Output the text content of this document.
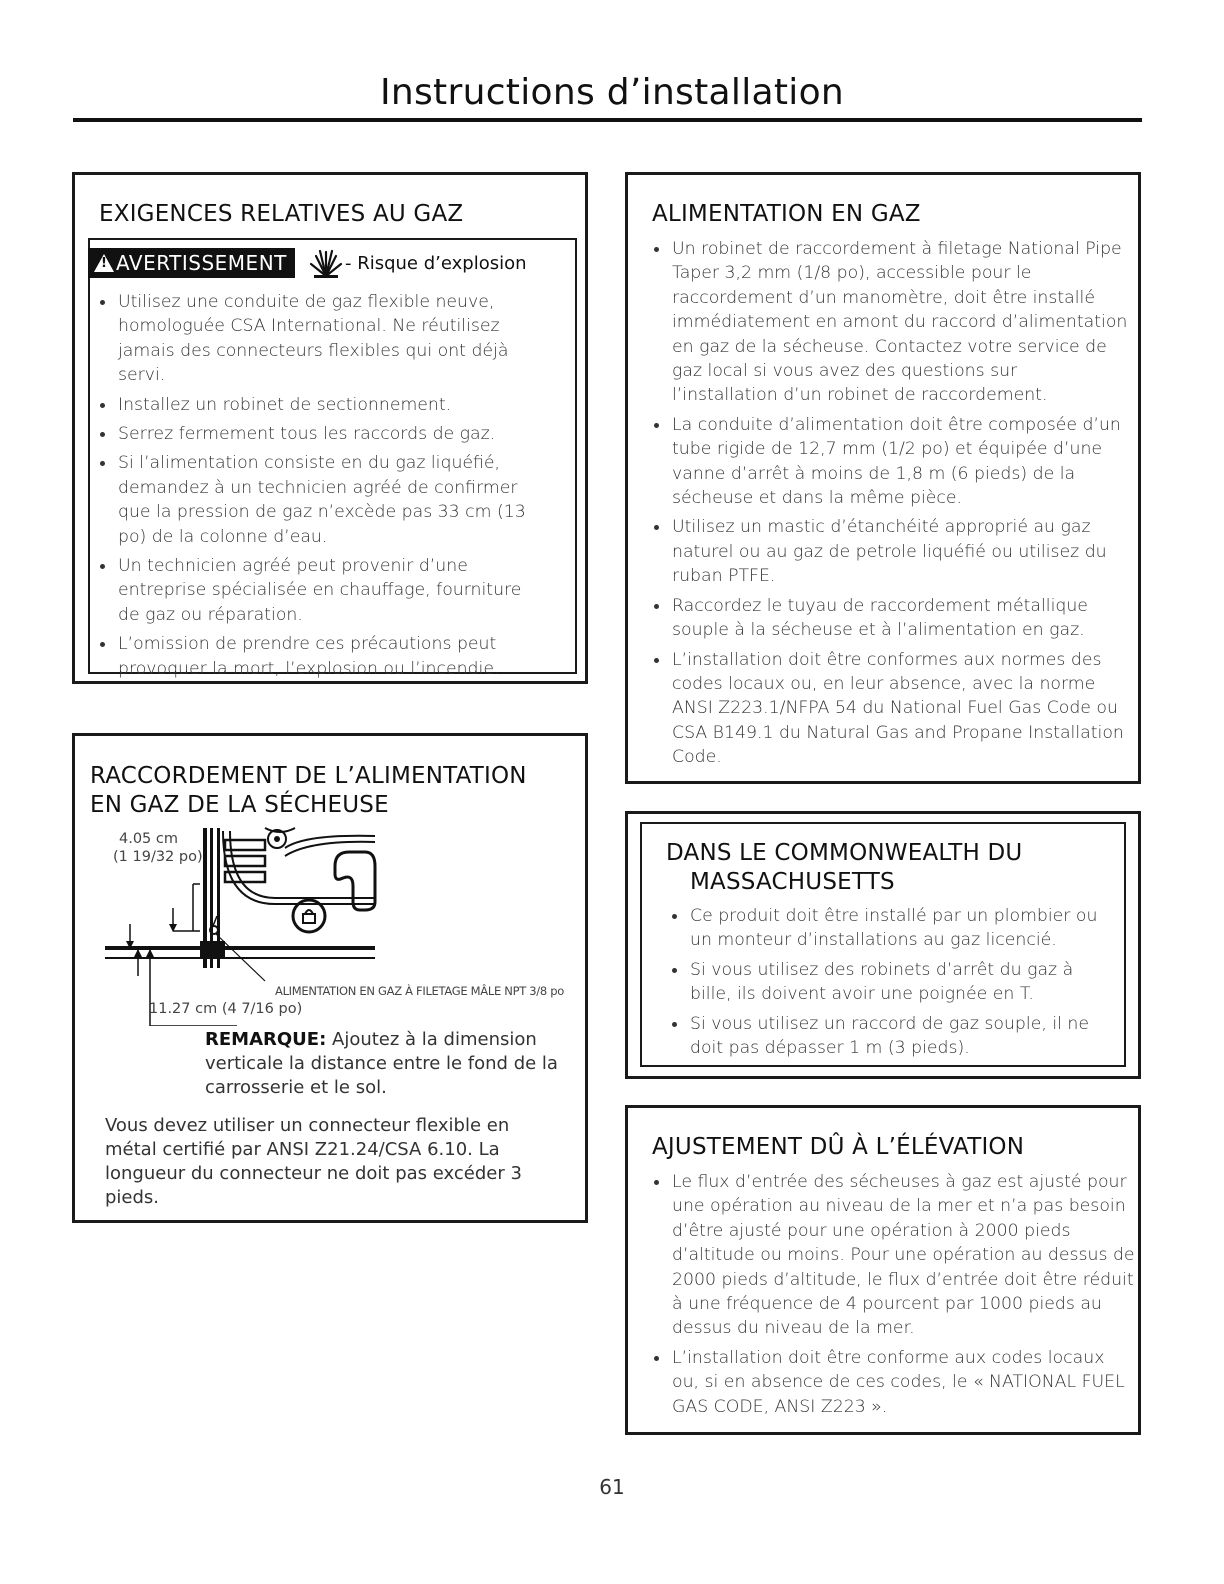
Instructions d’installation
EXIGENCES RELATIVES AU GAZ
!AVERTISSEMENT	- Risque d’explosion
Utilisez une conduite de gaz flexible neuve, homologuée CSA International. Ne réutilisez jamais des connecteurs flexibles qui ont déjà servi.
Installez un robinet de sectionnement.
Serrez fermement tous les raccords de gaz.
Si l’alimentation consiste en du gaz liquéfié, demandez à un technicien agréé de confirmer que la pression de gaz n’excède pas 33 cm (13 po) de la colonne d’eau.
Un technicien agréé peut provenir d’une entreprise spécialisée en chauffage, fourniture de gaz ou réparation.
L’omission de prendre ces précautions peut provoquer la mort, l’explosion ou l’incendie.
RACCORDEMENT DE L’ALIMENTATION
EN GAZ DE LA SÉCHEUSE
4.05 cm
(1 19/32 po)
ALIMENTATION EN GAZ À FILETAGE MÂLE NPT 3/8 po
11.27 cm (4 7/16 po)
REMARQUE: Ajoutez à la dimension verticale la distance entre le fond de la carrosserie et le sol.
Vous devez utiliser un connecteur flexible en métal certifié par ANSI Z21.24/CSA 6.10. La longueur du connecteur ne doit pas excéder 3 pieds.
ALIMENTATION EN GAZ
Un robinet de raccordement à filetage National Pipe Taper 3,2 mm (1/8 po), accessible pour le raccordement d’un manomètre, doit être installé immédiatement en amont du raccord d’alimentation en gaz de la sécheuse. Contactez votre service de gaz local si vous avez des questions sur l’installation d’un robinet de raccordement.
La conduite d’alimentation doit être composée d’un tube rigide de 12,7 mm (1/2 po) et équipée d’une vanne d’arrêt à moins de 1,8 m (6 pieds) de la sécheuse et dans la même pièce.
Utilisez un mastic d’étanchéité approprié au gaz naturel ou au gaz de petrole liquéfié ou utilisez du ruban PTFE.
Raccordez le tuyau de raccordement métallique souple à la sécheuse et à l’alimentation en gaz.
L’installation doit être conformes aux normes des codes locaux ou, en leur absence, avec la norme ANSI Z223.1/NFPA 54 du National Fuel Gas Code ou CSA B149.1 du Natural Gas and Propane Installation Code.
DANS LE COMMONWEALTH DU
MASSACHUSETTS
Ce produit doit être installé par un plombier ou un monteur d’installations au gaz licencié.
Si vous utilisez des robinets d’arrêt du gaz à bille, ils doivent avoir une poignée en T.
Si vous utilisez un raccord de gaz souple, il ne doit pas dépasser 1 m (3 pieds).
AJUSTEMENT DÛ À L’ÉLÉVATION
Le flux d’entrée des sécheuses à gaz est ajusté pour une opération au niveau de la mer et n’a pas besoin d’être ajusté pour une opération à 2000 pieds d’altitude ou moins. Pour une opération au dessus de 2000 pieds d’altitude, le flux d’entrée doit être réduit à une fréquence de 4 pourcent par 1000 pieds au dessus du niveau de la mer.
L’installation doit être conforme aux codes locaux ou, si en absence de ces codes, le « NATIONAL FUEL GAS CODE, ANSI Z223 ».
61
